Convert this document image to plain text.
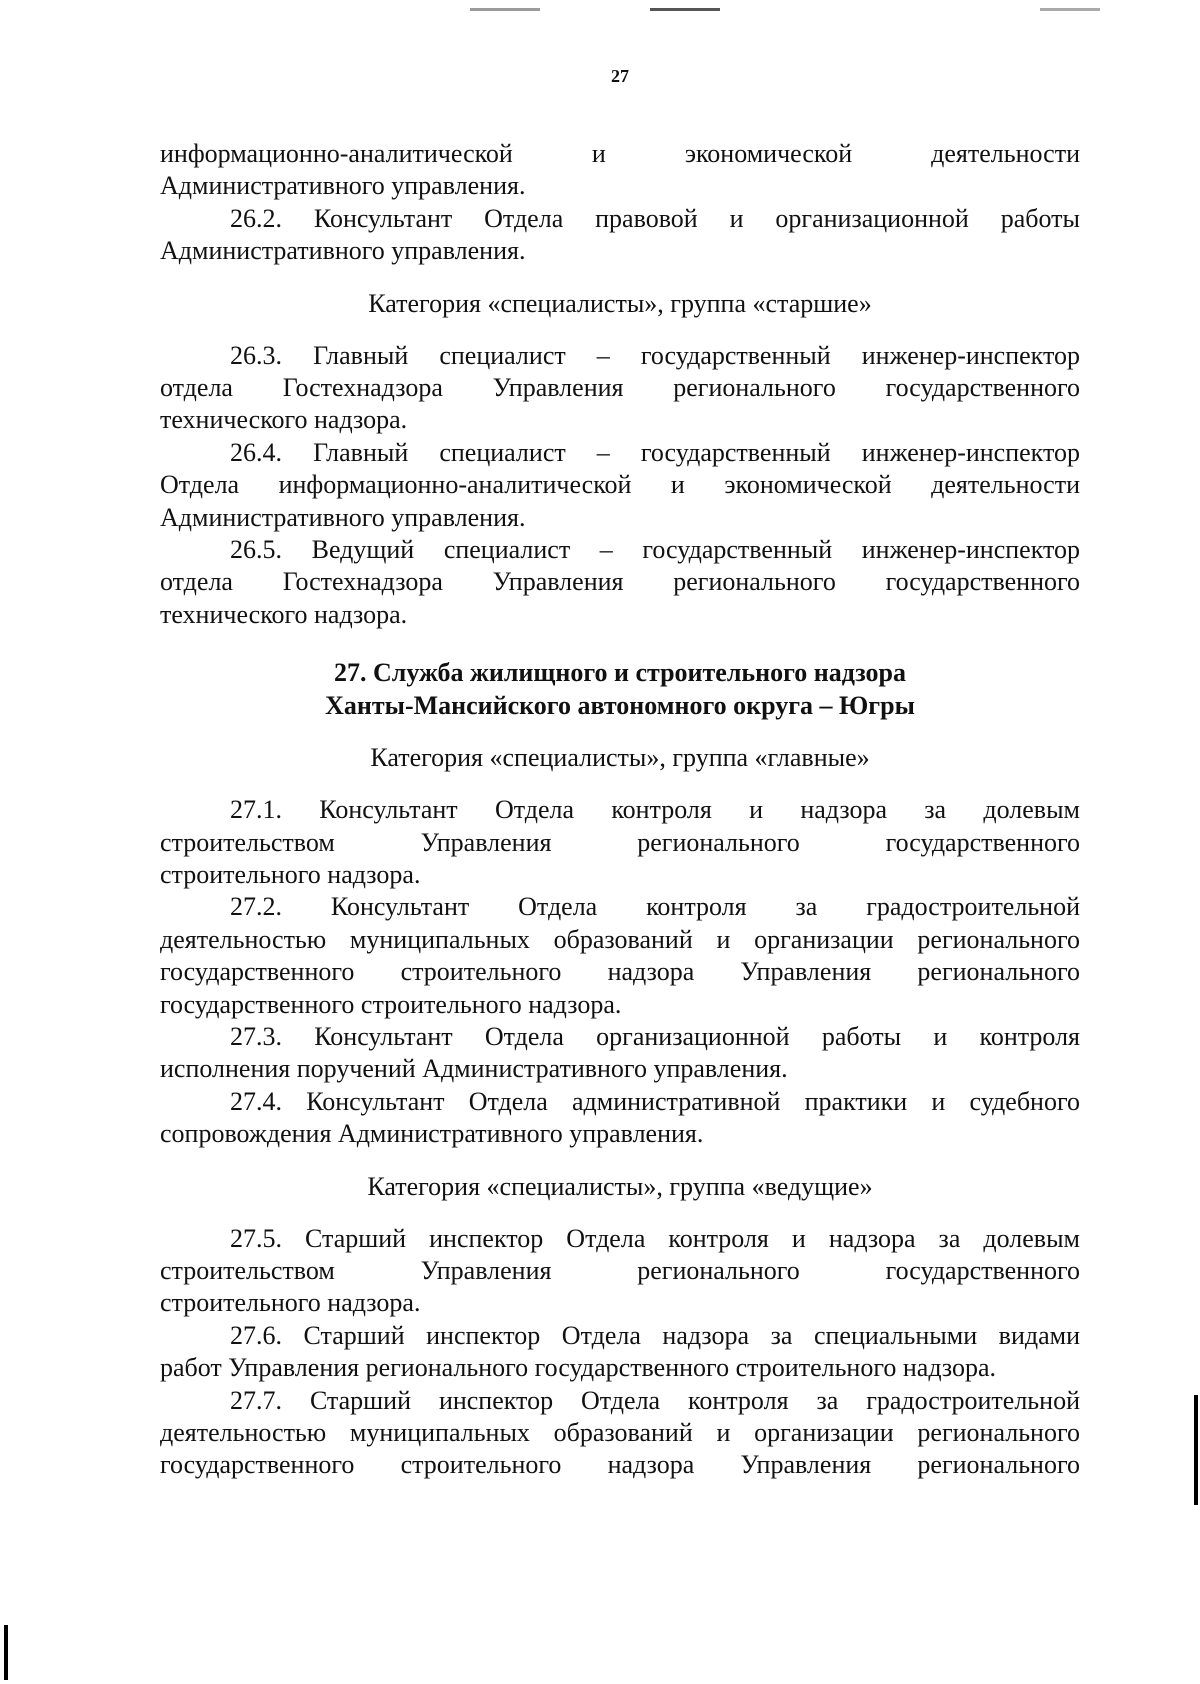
27

информационно-аналитической и экономической деятельности

Административного управления.

26.2. Консультант Отдела правовой и организационной работы

Административного управления.

Категория «специалисты», группа «старшие»

26.3. Главный специалист – государственный инженер-инспектор

отдела Гостехнадзора Управления регионального государственного

технического надзора.

26.4. Главный специалист – государственный инженер-инспектор

Отдела информационно-аналитической и экономической деятельности

Административного управления.

26.5. Ведущий специалист – государственный инженер-инспектор

отдела Гостехнадзора Управления регионального государственного

технического надзора.

27. Служба жилищного и строительного надзора

Ханты-Мансийского автономного округа – Югры

Категория «специалисты», группа «главные»

27.1. Консультант Отдела контроля и надзора за долевым

строительством Управления регионального государственного

строительного надзора.

27.2. Консультант Отдела контроля за градостроительной

деятельностью муниципальных образований и организации регионального

государственного строительного надзора Управления регионального

государственного строительного надзора.

27.3. Консультант Отдела организационной работы и контроля

исполнения поручений Административного управления.

27.4. Консультант Отдела административной практики и судебного

сопровождения Административного управления.

Категория «специалисты», группа «ведущие»

27.5. Старший инспектор Отдела контроля и надзора за долевым

строительством Управления регионального государственного

строительного надзора.

27.6. Старший инспектор Отдела надзора за специальными видами

работ Управления регионального государственного строительного надзора.

27.7. Старший инспектор Отдела контроля за градостроительной

деятельностью муниципальных образований и организации регионального

государственного строительного надзора Управления регионального
